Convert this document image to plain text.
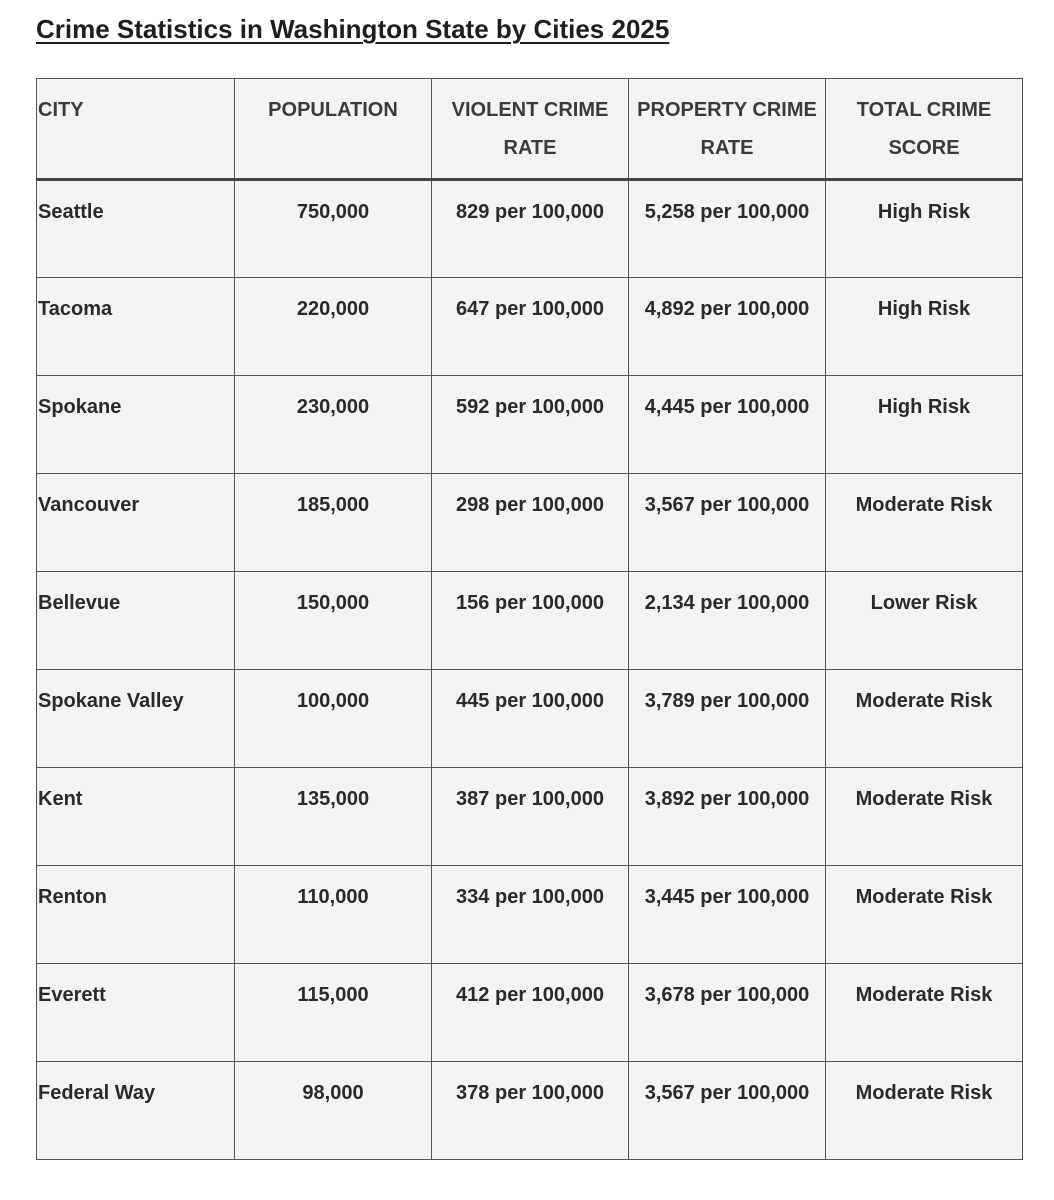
Crime Statistics in Washington State by Cities 2025
CITY	POPULATION	VIOLENT CRIME RATE	PROPERTY CRIME RATE	TOTAL CRIME SCORE
Seattle	750,000	829 per 100,000	5,258 per 100,000	High Risk
Tacoma	220,000	647 per 100,000	4,892 per 100,000	High Risk
Spokane	230,000	592 per 100,000	4,445 per 100,000	High Risk
Vancouver	185,000	298 per 100,000	3,567 per 100,000	Moderate Risk
Bellevue	150,000	156 per 100,000	2,134 per 100,000	Lower Risk
Spokane Valley	100,000	445 per 100,000	3,789 per 100,000	Moderate Risk
Kent	135,000	387 per 100,000	3,892 per 100,000	Moderate Risk
Renton	110,000	334 per 100,000	3,445 per 100,000	Moderate Risk
Everett	115,000	412 per 100,000	3,678 per 100,000	Moderate Risk
Federal Way	98,000	378 per 100,000	3,567 per 100,000	Moderate Risk
